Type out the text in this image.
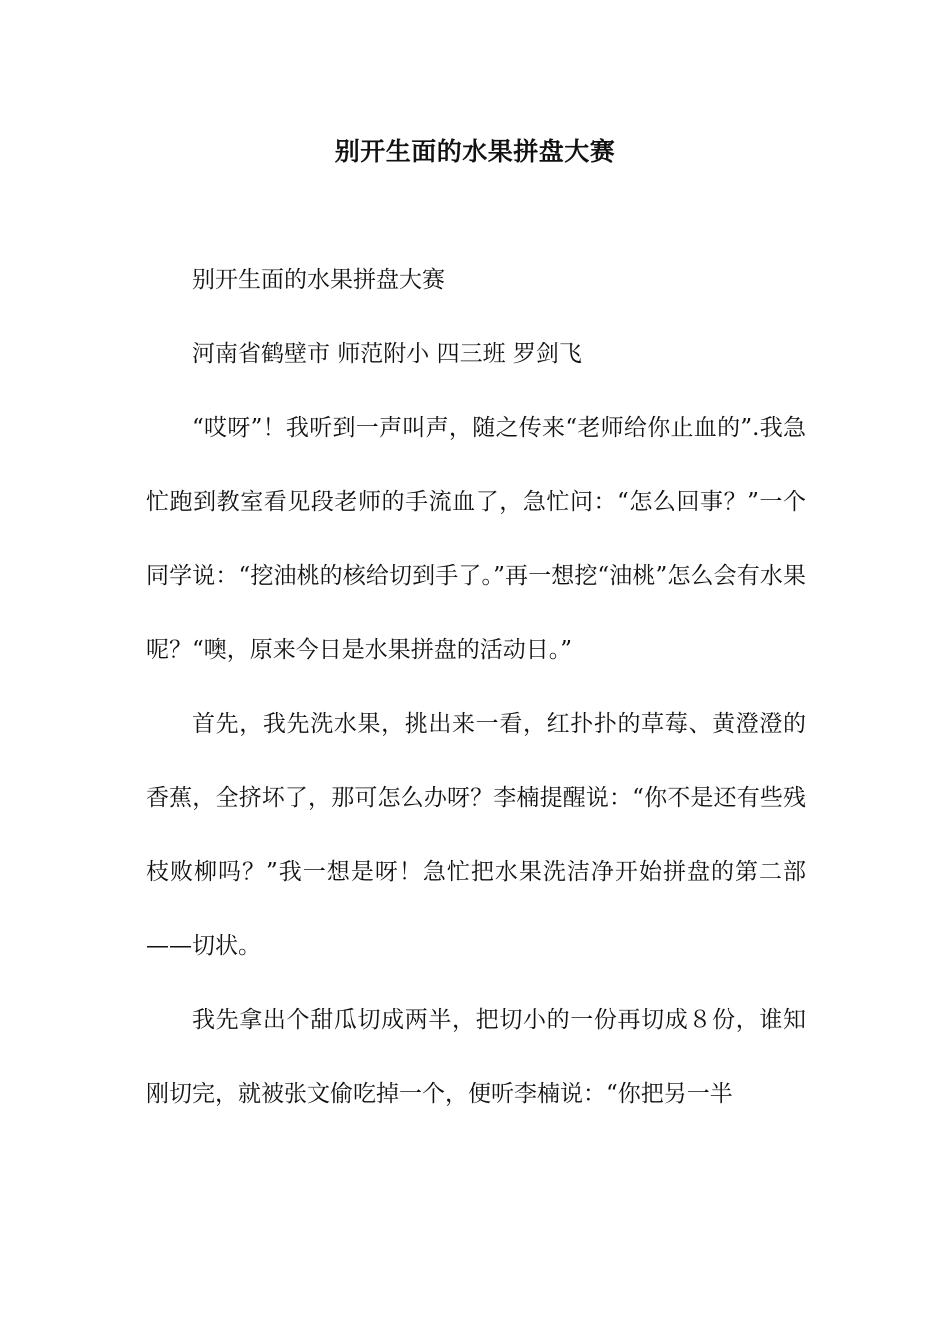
别开生面的水果拼盘大赛

别开生面的水果拼盘大赛

河南省鹤壁市 师范附小 四三班 罗剑飞

“哎呀”！我听到一声叫声，随之传来“老师给你止血的”.我急忙跑到教室看见段老师的手流血了，急忙问：“怎么回事？”一个同学说：“挖油桃的核给切到手了。”再一想挖“油桃”怎么会有水果呢？“噢，原来今日是水果拼盘的活动日。”

首先，我先洗水果，挑出来一看，红扑扑的草莓、黄澄澄的香蕉，全挤坏了，那可怎么办呀？李楠提醒说：“你不是还有些残枝败柳吗？”我一想是呀！急忙把水果洗洁净开始拼盘的第二部——切状。

我先拿出个甜瓜切成两半，把切小的一份再切成８份，谁知刚切完，就被张文偷吃掉一个，便听李楠说：“你把另一半
